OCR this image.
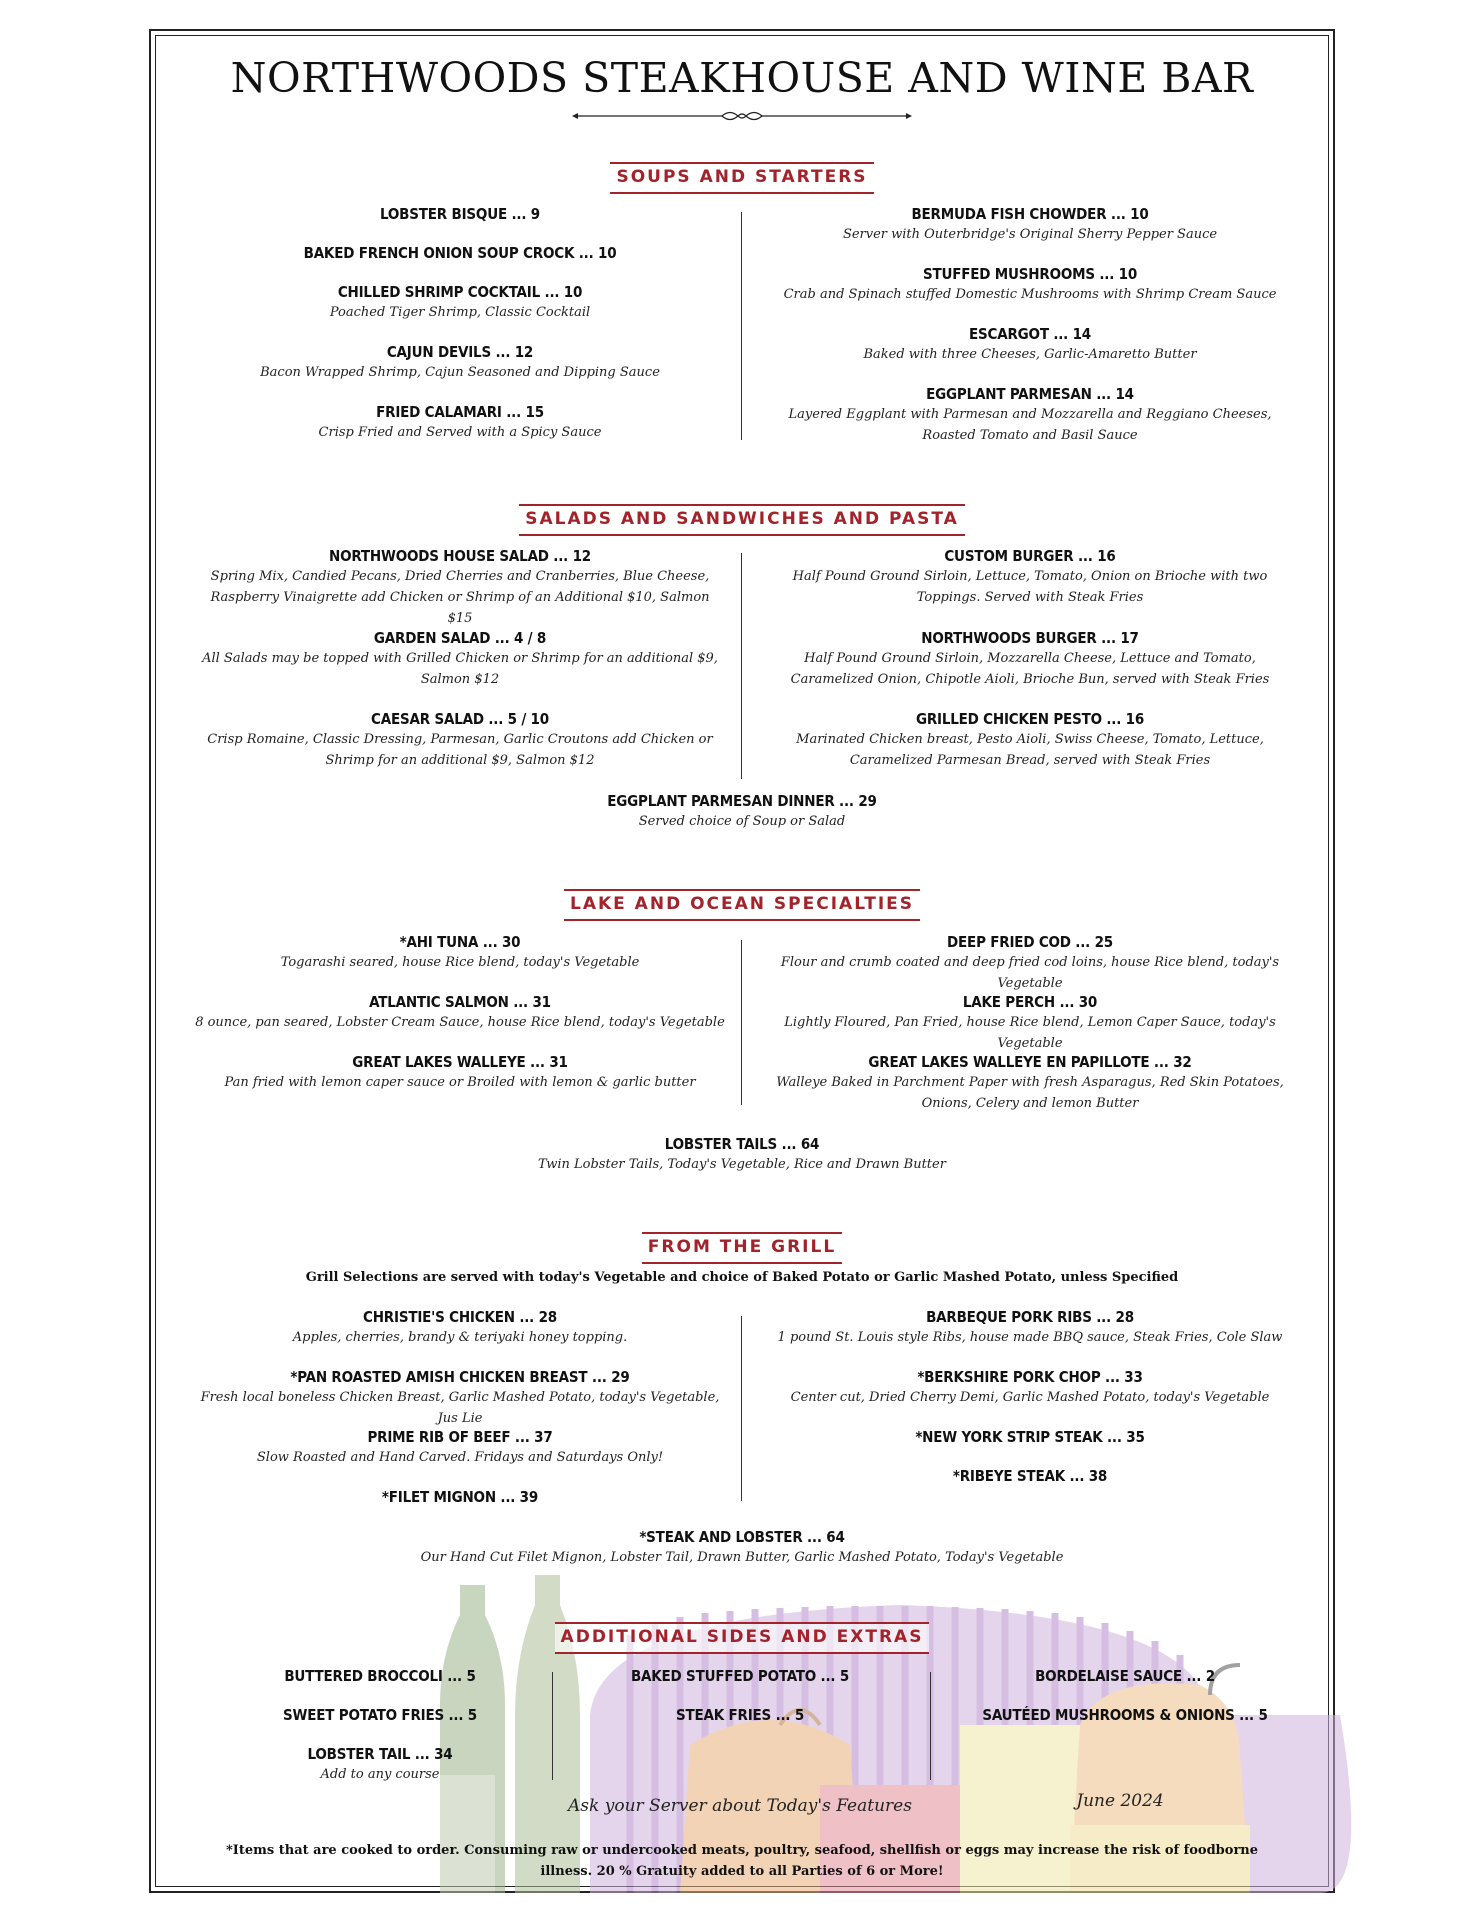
NORTHWOODS STEAKHOUSE AND WINE BAR
SOUPS AND STARTERS
LOBSTER BISQUE ... 9
BAKED FRENCH ONION SOUP CROCK ... 10
CHILLED SHRIMP COCKTAIL ... 10
Poached Tiger Shrimp, Classic Cocktail
CAJUN DEVILS ... 12
Bacon Wrapped Shrimp, Cajun Seasoned and Dipping Sauce
FRIED CALAMARI ... 15
Crisp Fried and Served with a Spicy Sauce
BERMUDA FISH CHOWDER ... 10
Server with Outerbridge's Original Sherry Pepper Sauce
STUFFED MUSHROOMS ... 10
Crab and Spinach stuffed Domestic Mushrooms with Shrimp Cream Sauce
ESCARGOT ... 14
Baked with three Cheeses, Garlic-Amaretto Butter
EGGPLANT PARMESAN ... 14
Layered Eggplant with Parmesan and Mozzarella and Reggiano Cheeses, Roasted Tomato and Basil Sauce
SALADS AND SANDWICHES AND PASTA
NORTHWOODS HOUSE SALAD ... 12
Spring Mix, Candied Pecans, Dried Cherries and Cranberries, Blue Cheese, Raspberry Vinaigrette add Chicken or Shrimp of an Additional $10, Salmon $15
GARDEN SALAD ... 4 / 8
All Salads may be topped with Grilled Chicken or Shrimp for an additional $9, Salmon $12
CAESAR SALAD ... 5 / 10
Crisp Romaine, Classic Dressing, Parmesan, Garlic Croutons add Chicken or Shrimp for an additional $9, Salmon $12
CUSTOM BURGER ... 16
Half Pound Ground Sirloin, Lettuce, Tomato, Onion on Brioche with two Toppings. Served with Steak Fries
NORTHWOODS BURGER ... 17
Half Pound Ground Sirloin, Mozzarella Cheese, Lettuce and Tomato, Caramelized Onion, Chipotle Aioli, Brioche Bun, served with Steak Fries
GRILLED CHICKEN PESTO ... 16
Marinated Chicken breast, Pesto Aioli, Swiss Cheese, Tomato, Lettuce, Caramelized Parmesan Bread, served with Steak Fries
EGGPLANT PARMESAN DINNER ... 29
Served choice of Soup or Salad
LAKE AND OCEAN SPECIALTIES
*AHI TUNA ... 30
Togarashi seared, house Rice blend, today's Vegetable
ATLANTIC SALMON ... 31
8 ounce, pan seared, Lobster Cream Sauce, house Rice blend, today's Vegetable
GREAT LAKES WALLEYE ... 31
Pan fried with lemon caper sauce or Broiled with lemon & garlic butter
DEEP FRIED COD ... 25
Flour and crumb coated and deep fried cod loins, house Rice blend, today's Vegetable
LAKE PERCH ... 30
Lightly Floured, Pan Fried, house Rice blend, Lemon Caper Sauce, today's Vegetable
GREAT LAKES WALLEYE EN PAPILLOTE ... 32
Walleye Baked in Parchment Paper with fresh Asparagus, Red Skin Potatoes, Onions, Celery and lemon Butter
LOBSTER TAILS ... 64
Twin Lobster Tails, Today's Vegetable, Rice and Drawn Butter
FROM THE GRILL
Grill Selections are served with today's Vegetable and choice of Baked Potato or Garlic Mashed Potato, unless Specified
CHRISTIE'S CHICKEN ... 28
Apples, cherries, brandy & teriyaki honey topping.
*PAN ROASTED AMISH CHICKEN BREAST ... 29
Fresh local boneless Chicken Breast, Garlic Mashed Potato, today's Vegetable, Jus Lie
PRIME RIB OF BEEF ... 37
Slow Roasted and Hand Carved. Fridays and Saturdays Only!
*FILET MIGNON ... 39
BARBEQUE PORK RIBS ... 28
1 pound St. Louis style Ribs, house made BBQ sauce, Steak Fries, Cole Slaw
*BERKSHIRE PORK CHOP ... 33
Center cut, Dried Cherry Demi, Garlic Mashed Potato, today's Vegetable
*NEW YORK STRIP STEAK ... 35
*RIBEYE STEAK ... 38
*STEAK AND LOBSTER ... 64
Our Hand Cut Filet Mignon, Lobster Tail, Drawn Butter, Garlic Mashed Potato, Today's Vegetable
ADDITIONAL SIDES AND EXTRAS
BUTTERED BROCCOLI ... 5
SWEET POTATO FRIES ... 5
LOBSTER TAIL ... 34
Add to any course
BAKED STUFFED POTATO ... 5
STEAK FRIES ... 5
BORDELAISE SAUCE ... 2
SAUTÉED MUSHROOMS & ONIONS ... 5
Ask your Server about Today's Features	June 2024
*Items that are cooked to order. Consuming raw or undercooked meats, poultry, seafood, shellfish or eggs may increase the risk of foodborne illness. 20 % Gratuity added to all Parties of 6 or More!
